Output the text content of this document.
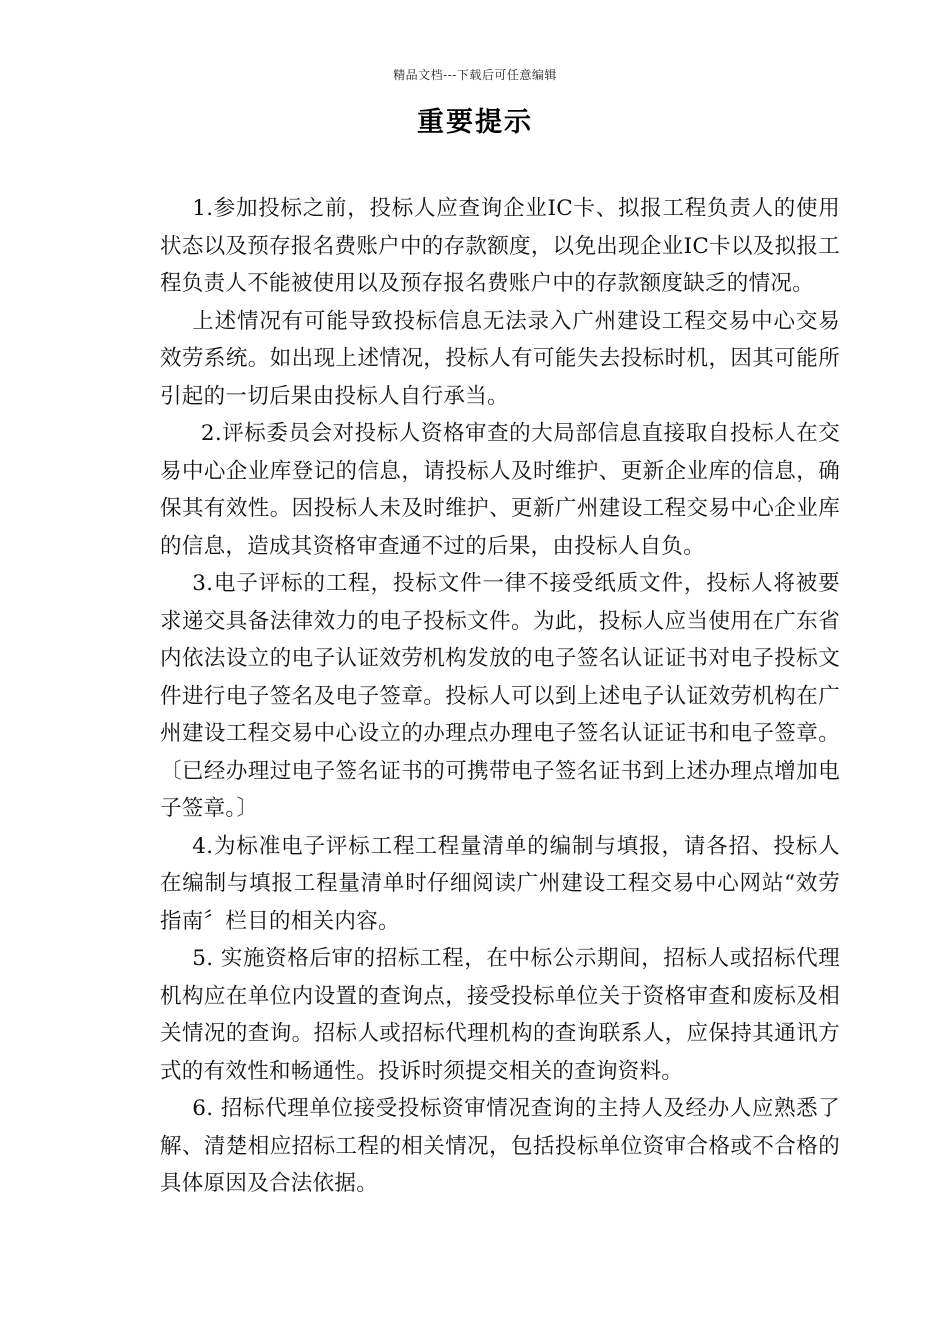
精品文档---下载后可任意编辑
重要提示

1.参加投标之前，投标人应查询企业IC卡、拟报工程负责人的使用状态以及预存报名费账户中的存款额度，以免出现企业IC卡以及拟报工程负责人不能被使用以及预存报名费账户中的存款额度缺乏的情况。

上述情况有可能导致投标信息无法录入广州建设工程交易中心交易效劳系统。如出现上述情况，投标人有可能失去投标时机，因其可能所引起的一切后果由投标人自行承当。

2.评标委员会对投标人资格审查的大局部信息直接取自投标人在交易中心企业库登记的信息，请投标人及时维护、更新企业库的信息，确保其有效性。因投标人未及时维护、更新广州建设工程交易中心企业库的信息，造成其资格审查通不过的后果，由投标人自负。

3.电子评标的工程，投标文件一律不接受纸质文件，投标人将被要求递交具备法律效力的电子投标文件。为此，投标人应当使用在广东省内依法设立的电子认证效劳机构发放的电子签名认证证书对电子投标文件进行电子签名及电子签章。投标人可以到上述电子认证效劳机构在广州建设工程交易中心设立的办理点办理电子签名认证证书和电子签章。〔已经办理过电子签名证书的可携带电子签名证书到上述办理点增加电子签章。〕

4.为标准电子评标工程工程量清单的编制与填报，请各招、投标人在编制与填报工程量清单时仔细阅读广州建设工程交易中心网站“效劳指南〞栏目的相关内容。

5. 实施资格后审的招标工程，在中标公示期间，招标人或招标代理机构应在单位内设置的查询点，接受投标单位关于资格审查和废标及相关情况的查询。招标人或招标代理机构的查询联系人，应保持其通讯方式的有效性和畅通性。投诉时须提交相关的查询资料。

6. 招标代理单位接受投标资审情况查询的主持人及经办人应熟悉了解、清楚相应招标工程的相关情况，包括投标单位资审合格或不合格的具体原因及合法依据。
